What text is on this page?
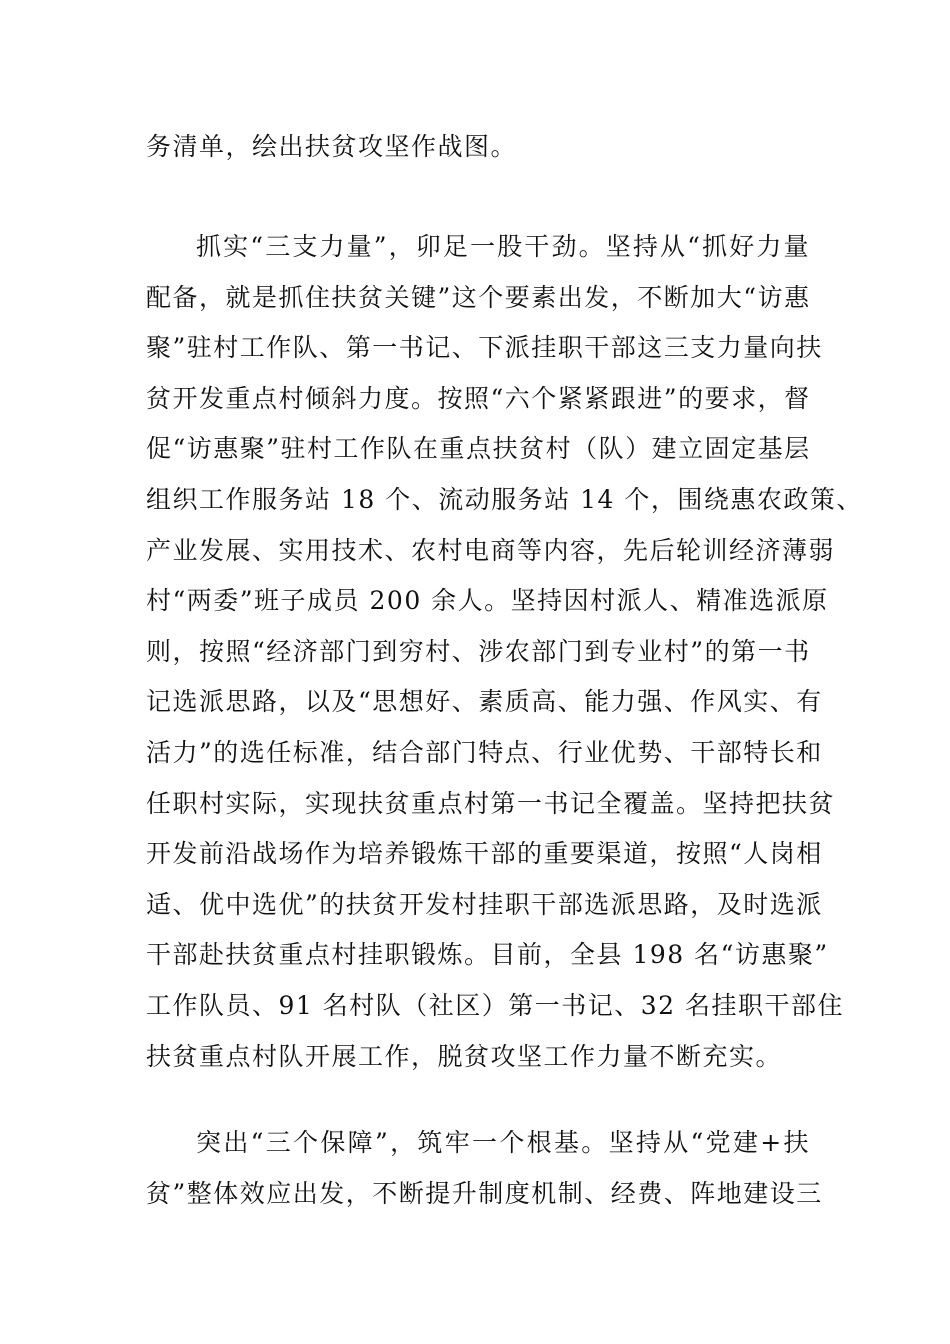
务清单，绘出扶贫攻坚作战图。
抓实“三支力量”，卯足一股干劲。坚持从“抓好力量
配备，就是抓住扶贫关键”这个要素出发，不断加大“访惠
聚”驻村工作队、第一书记、下派挂职干部这三支力量向扶
贫开发重点村倾斜力度。按照“六个紧紧跟进”的要求，督
促“访惠聚”驻村工作队在重点扶贫村（队）建立固定基层
组织工作服务站 18 个、流动服务站 14 个，围绕惠农政策、
产业发展、实用技术、农村电商等内容，先后轮训经济薄弱
村“两委”班子成员 200 余人。坚持因村派人、精准选派原
则，按照“经济部门到穷村、涉农部门到专业村”的第一书
记选派思路，以及“思想好、素质高、能力强、作风实、有
活力”的选任标准，结合部门特点、行业优势、干部特长和
任职村实际，实现扶贫重点村第一书记全覆盖。坚持把扶贫
开发前沿战场作为培养锻炼干部的重要渠道，按照“人岗相
适、优中选优”的扶贫开发村挂职干部选派思路，及时选派
干部赴扶贫重点村挂职锻炼。目前，全县 198 名“访惠聚”
工作队员、91 名村队（社区）第一书记、32 名挂职干部住
扶贫重点村队开展工作，脱贫攻坚工作力量不断充实。
突出“三个保障”，筑牢一个根基。坚持从“党建+扶
贫”整体效应出发，不断提升制度机制、经费、阵地建设三
